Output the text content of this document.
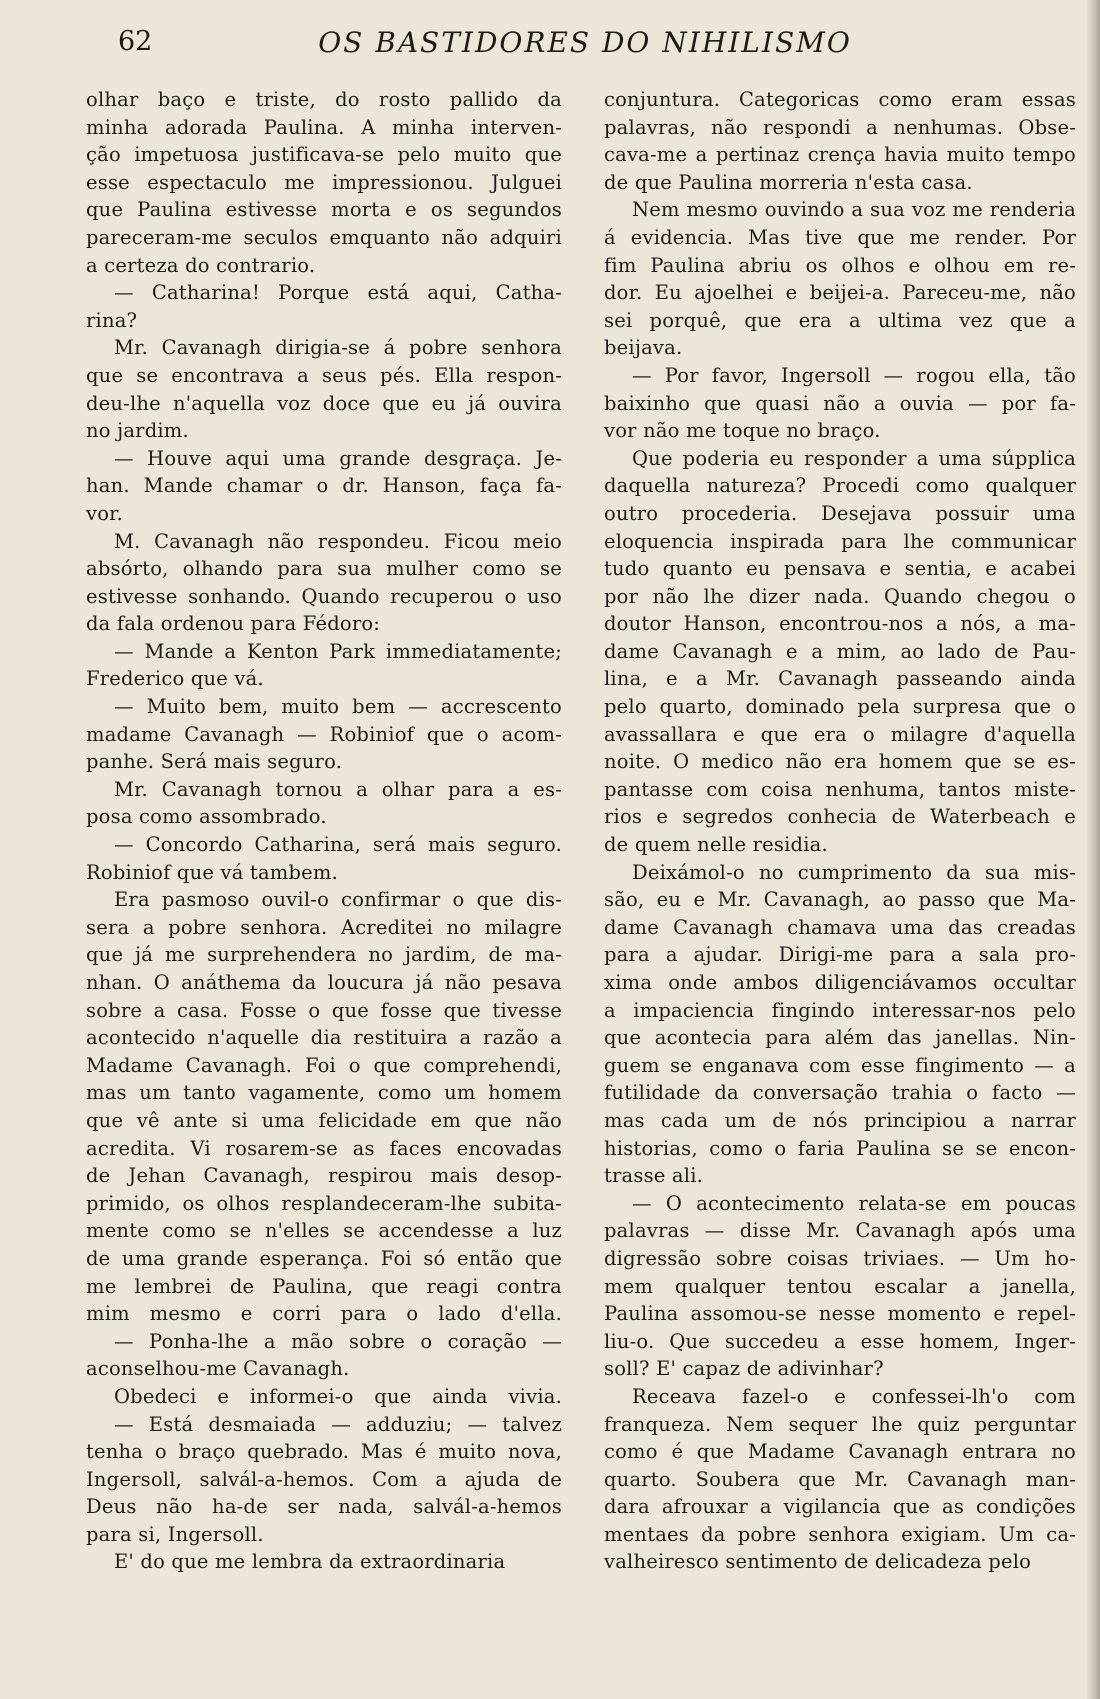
62	OS BASTIDORES DO NIHILISMO
olhar baço e triste, do rosto pallido da
minha adorada Paulina. A minha interven-
ção impetuosa justificava-se pelo muito que
esse espectaculo me impressionou. Julguei
que Paulina estivesse morta e os segundos
pareceram-me seculos emquanto não adquiri
a certeza do contrario.
— Catharina! Porque está aqui, Catha-
rina?
Mr. Cavanagh dirigia-se á pobre senhora
que se encontrava a seus pés. Ella respon-
deu-lhe n'aquella voz doce que eu já ouvira
no jardim.
— Houve aqui uma grande desgraça. Je-
han. Mande chamar o dr. Hanson, faça fa-
vor.
M. Cavanagh não respondeu. Ficou meio
absórto, olhando para sua mulher como se
estivesse sonhando. Quando recuperou o uso
da fala ordenou para Fédoro:
— Mande a Kenton Park immediatamente;
Frederico que vá.
— Muito bem, muito bem — accrescento
madame Cavanagh — Robiniof que o acom-
panhe. Será mais seguro.
Mr. Cavanagh tornou a olhar para a es-
posa como assombrado.
— Concordo Catharina, será mais seguro.
Robiniof que vá tambem.
Era pasmoso ouvil-o confirmar o que dis-
sera a pobre senhora. Acreditei no milagre
que já me surprehendera no jardim, de ma-
nhan. O anáthema da loucura já não pesava
sobre a casa. Fosse o que fosse que tivesse
acontecido n'aquelle dia restituira a razão a
Madame Cavanagh. Foi o que comprehendi,
mas um tanto vagamente, como um homem
que vê ante si uma felicidade em que não
acredita. Vi rosarem-se as faces encovadas
de Jehan Cavanagh, respirou mais desop-
primido, os olhos resplandeceram-lhe subita-
mente como se n'elles se accendesse a luz
de uma grande esperança. Foi só então que
me lembrei de Paulina, que reagi contra
mim mesmo e corri para o lado d'ella.
— Ponha-lhe a mão sobre o coração —
aconselhou-me Cavanagh.
Obedeci e informei-o que ainda vivia.
— Está desmaiada — adduziu; — talvez
tenha o braço quebrado. Mas é muito nova,
Ingersoll, salvál-a-hemos. Com a ajuda de
Deus não ha-de ser nada, salvál-a-hemos
para si, Ingersoll.
E' do que me lembra da extraordinaria
conjuntura. Categoricas como eram essas
palavras, não respondi a nenhumas. Obse-
cava-me a pertinaz crença havia muito tempo
de que Paulina morreria n'esta casa.
Nem mesmo ouvindo a sua voz me renderia
á evidencia. Mas tive que me render. Por
fim Paulina abriu os olhos e olhou em re-
dor. Eu ajoelhei e beijei-a. Pareceu-me, não
sei porquê, que era a ultima vez que a
beijava.
— Por favor, Ingersoll — rogou ella, tão
baixinho que quasi não a ouvia — por fa-
vor não me toque no braço.
Que poderia eu responder a uma súpplica
daquella natureza? Procedi como qualquer
outro procederia. Desejava possuir uma
eloquencia inspirada para lhe communicar
tudo quanto eu pensava e sentia, e acabei
por não lhe dizer nada. Quando chegou o
doutor Hanson, encontrou-nos a nós, a ma-
dame Cavanagh e a mim, ao lado de Pau-
lina, e a Mr. Cavanagh passeando ainda
pelo quarto, dominado pela surpresa que o
avassallara e que era o milagre d'aquella
noite. O medico não era homem que se es-
pantasse com coisa nenhuma, tantos miste-
rios e segredos conhecia de Waterbeach e
de quem nelle residia.
Deixámol-o no cumprimento da sua mis-
são, eu e Mr. Cavanagh, ao passo que Ma-
dame Cavanagh chamava uma das creadas
para a ajudar. Dirigi-me para a sala pro-
xima onde ambos diligenciávamos occultar
a impaciencia fingindo interessar-nos pelo
que acontecia para além das janellas. Nin-
guem se enganava com esse fingimento — a
futilidade da conversação trahia o facto —
mas cada um de nós principiou a narrar
historias, como o faria Paulina se se encon-
trasse ali.
— O acontecimento relata-se em poucas
palavras — disse Mr. Cavanagh após uma
digressão sobre coisas triviaes. — Um ho-
mem qualquer tentou escalar a janella,
Paulina assomou-se nesse momento e repel-
liu-o. Que succedeu a esse homem, Inger-
soll? E' capaz de adivinhar?
Receava fazel-o e confessei-lh'o com
franqueza. Nem sequer lhe quiz perguntar
como é que Madame Cavanagh entrara no
quarto. Soubera que Mr. Cavanagh man-
dara afrouxar a vigilancia que as condições
mentaes da pobre senhora exigiam. Um ca-
valheiresco sentimento de delicadeza pelo
